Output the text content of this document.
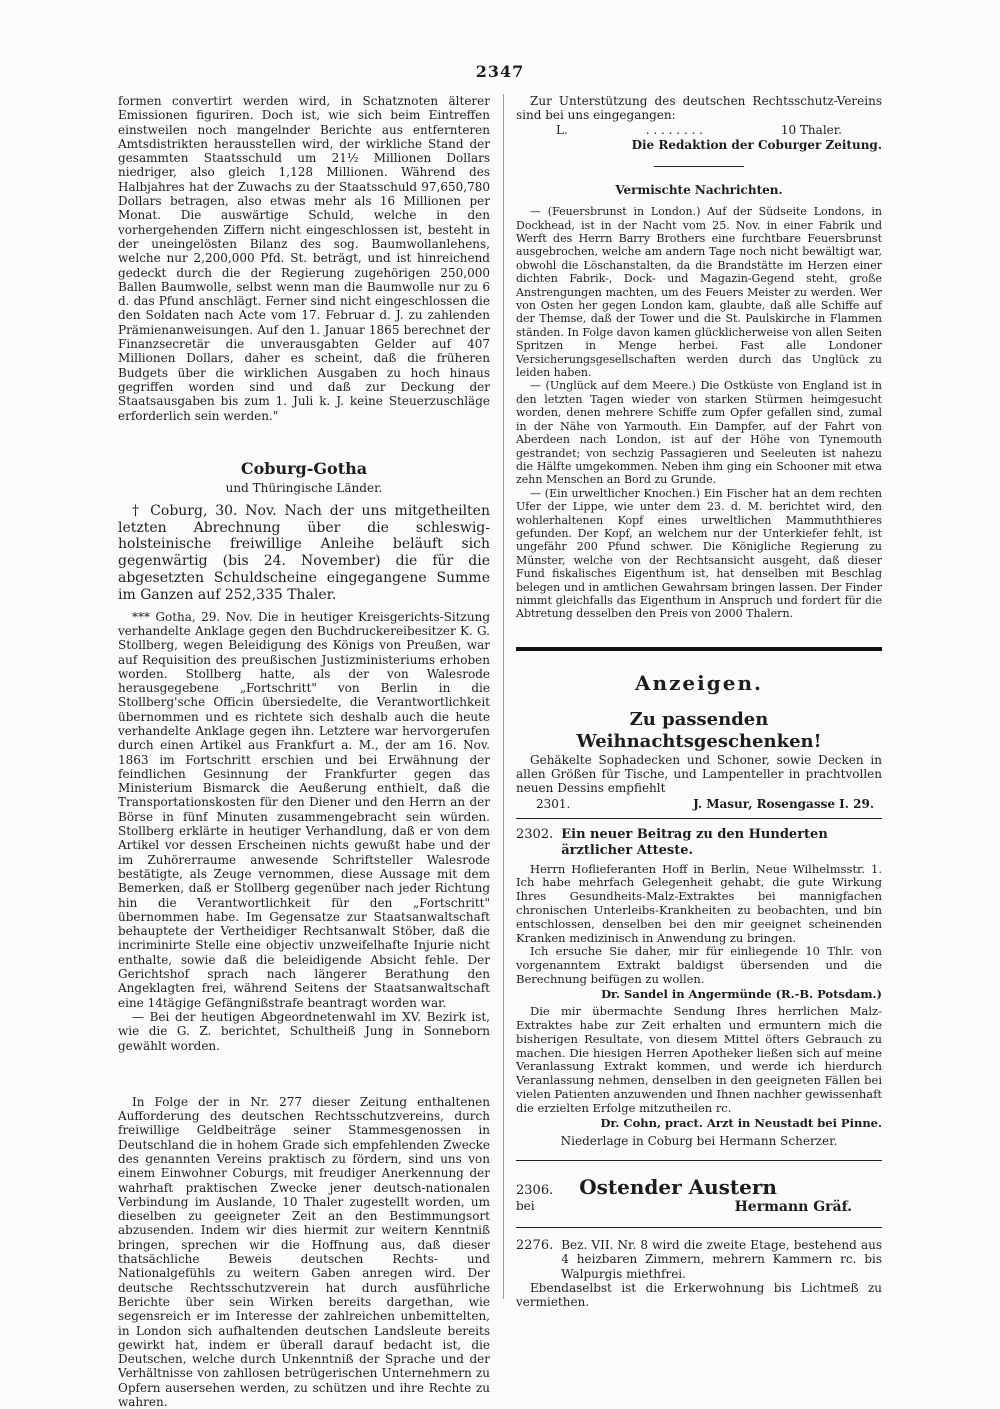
2347

formen convertirt werden wird, in Schatznoten älterer Emissionen figuriren. Doch ist, wie sich beim Eintreffen einstweilen noch mangelnder Berichte aus entfernteren Amtsdistrikten herausstellen wird, der wirkliche Stand der gesammten Staatsschuld um 21½ Millionen Dollars niedriger, also gleich 1,128 Millionen. Während des Halbjahres hat der Zuwachs zu der Staatsschuld 97,650,780 Dollars betragen, also etwas mehr als 16 Millionen per Monat. Die auswärtige Schuld, welche in den vorhergehenden Ziffern nicht eingeschlossen ist, besteht in der uneingelösten Bilanz des sog. Baumwollanlehens, welche nur 2,200,000 Pfd. St. beträgt, und ist hinreichend gedeckt durch die der Regierung zugehörigen 250,000 Ballen Baumwolle, selbst wenn man die Baumwolle nur zu 6 d. das Pfund anschlägt. Ferner sind nicht eingeschlossen die den Soldaten nach Acte vom 17. Februar d. J. zu zahlenden Prämienanweisungen. Auf den 1. Januar 1865 berechnet der Finanzsecretär die unverausgabten Gelder auf 407 Millionen Dollars, daher es scheint, daß die früheren Budgets über die wirklichen Ausgaben zu hoch hinaus gegriffen worden sind und daß zur Deckung der Staatsausgaben bis zum 1. Juli k. J. keine Steuerzuschläge erforderlich sein werden."

Coburg-Gotha
und Thüringische Länder.

† Coburg, 30. Nov. Nach der uns mitgetheilten letzten Abrechnung über die schleswig-holsteinische freiwillige Anleihe beläuft sich gegenwärtig (bis 24. November) die für die abgesetzten Schuldscheine eingegangene Summe im Ganzen auf 252,335 Thaler.

*** Gotha, 29. Nov. Die in heutiger Kreisgerichts-Sitzung verhandelte Anklage gegen den Buchdruckereibesitzer K. G. Stollberg, wegen Beleidigung des Königs von Preußen, war auf Requisition des preußischen Justizministeriums erhoben worden. Stollberg hatte, als der von Walesrode herausgegebene „Fortschritt" von Berlin in die Stollberg'sche Officin übersiedelte, die Verantwortlichkeit übernommen und es richtete sich deshalb auch die heute verhandelte Anklage gegen ihn. Letztere war hervorgerufen durch einen Artikel aus Frankfurt a. M., der am 16. Nov. 1863 im Fortschritt erschien und bei Erwähnung der feindlichen Gesinnung der Frankfurter gegen das Ministerium Bismarck die Aeußerung enthielt, daß die Transportationskosten für den Diener und den Herrn an der Börse in fünf Minuten zusammengebracht sein würden. Stollberg erklärte in heutiger Verhandlung, daß er von dem Artikel vor dessen Erscheinen nichts gewußt habe und der im Zuhörerraume anwesende Schriftsteller Walesrode bestätigte, als Zeuge vernommen, diese Aussage mit dem Bemerken, daß er Stollberg gegenüber nach jeder Richtung hin die Verantwortlichkeit für den „Fortschritt" übernommen habe. Im Gegensatze zur Staatsanwaltschaft behauptete der Vertheidiger Rechtsanwalt Stöber, daß die incriminirte Stelle eine objectiv unzweifelhafte Injurie nicht enthalte, sowie daß die beleidigende Absicht fehle. Der Gerichtshof sprach nach längerer Berathung den Angeklagten frei, während Seitens der Staatsanwaltschaft eine 14tägige Gefängnißstrafe beantragt worden war.

— Bei der heutigen Abgeordnetenwahl im XV. Bezirk ist, wie die G. Z. berichtet, Schultheiß Jung in Sonneborn gewählt worden.

In Folge der in Nr. 277 dieser Zeitung enthaltenen Aufforderung des deutschen Rechtsschutzvereins, durch freiwillige Geldbeiträge seiner Stammesgenossen in Deutschland die in hohem Grade sich empfehlenden Zwecke des genannten Vereins praktisch zu fördern, sind uns von einem Einwohner Coburgs, mit freudiger Anerkennung der wahrhaft praktischen Zwecke jener deutsch-nationalen Verbindung im Auslande, 10 Thaler zugestellt worden, um dieselben zu geeigneter Zeit an den Bestimmungsort abzusenden. Indem wir dies hiermit zur weitern Kenntniß bringen, sprechen wir die Hoffnung aus, daß dieser thatsächliche Beweis deutschen Rechts- und Nationalgefühls zu weitern Gaben anregen wird. Der deutsche Rechtsschutzverein hat durch ausführliche Berichte über sein Wirken bereits dargethan, wie segensreich er im Interesse der zahlreichen unbemittelten, in London sich aufhaltenden deutschen Landsleute bereits gewirkt hat, indem er überall darauf bedacht ist, die Deutschen, welche durch Unkenntniß der Sprache und der Verhältnisse von zahllosen betrügerischen Unternehmern zu Opfern ausersehen werden, zu schützen und ihre Rechte zu wahren.

Zur Unterstützung des deutschen Rechtsschutz-Vereins sind bei uns eingegangen:

L.	. . . . . . . .	10 Thaler.

Die Redaktion der Coburger Zeitung.

Vermischte Nachrichten.

— (Feuersbrunst in London.) Auf der Südseite Londons, in Dockhead, ist in der Nacht vom 25. Nov. in einer Fabrik und Werft des Herrn Barry Brothers eine furchtbare Feuersbrunst ausgebrochen, welche am andern Tage noch nicht bewältigt war, obwohl die Löschanstalten, da die Brandstätte im Herzen einer dichten Fabrik-, Dock- und Magazin-Gegend steht, große Anstrengungen machten, um des Feuers Meister zu werden. Wer von Osten her gegen London kam, glaubte, daß alle Schiffe auf der Themse, daß der Tower und die St. Paulskirche in Flammen ständen. In Folge davon kamen glücklicherweise von allen Seiten Spritzen in Menge herbei. Fast alle Londoner Versicherungsgesellschaften werden durch das Unglück zu leiden haben.

— (Unglück auf dem Meere.) Die Ostküste von England ist in den letzten Tagen wieder von starken Stürmen heimgesucht worden, denen mehrere Schiffe zum Opfer gefallen sind, zumal in der Nähe von Yarmouth. Ein Dampfer, auf der Fahrt von Aberdeen nach London, ist auf der Höhe von Tynemouth gestrandet; von sechzig Passagieren und Seeleuten ist nahezu die Hälfte umgekommen. Neben ihm ging ein Schooner mit etwa zehn Menschen an Bord zu Grunde.

— (Ein urweltlicher Knochen.) Ein Fischer hat an dem rechten Ufer der Lippe, wie unter dem 23. d. M. berichtet wird, den wohlerhaltenen Kopf eines urweltlichen Mammuththieres gefunden. Der Kopf, an welchem nur der Unterkiefer fehlt, ist ungefähr 200 Pfund schwer. Die Königliche Regierung zu Münster, welche von der Rechtsansicht ausgeht, daß dieser Fund fiskalisches Eigenthum ist, hat denselben mit Beschlag belegen und in amtlichen Gewahrsam bringen lassen. Der Finder nimmt gleichfalls das Eigenthum in Anspruch und fordert für die Abtretung desselben den Preis von 2000 Thalern.

Anzeigen.
Zu passenden Weihnachtsgeschenken!

Gehäkelte Sophadecken und Schoner, sowie Decken in allen Größen für Tische, und Lampenteller in prachtvollen neuen Dessins empfiehlt

2301.	J. Masur, Rosengasse I. 29.
2302. Ein neuer Beitrag zu den Hunderten ärztlicher Atteste.

Herrn Hoflieferanten Hoff in Berlin, Neue Wilhelmsstr. 1. Ich habe mehrfach Gelegenheit gehabt, die gute Wirkung Ihres Gesundheits-Malz-Extraktes bei mannigfachen chronischen Unterleibs-Krankheiten zu beobachten, und bin entschlossen, denselben bei den mir geeignet scheinenden Kranken medizinisch in Anwendung zu bringen.

Ich ersuche Sie daher, mir für einliegende 10 Thlr. von vorgenanntem Extrakt baldigst übersenden und die Berechnung beifügen zu wollen.

Dr. Sandel in Angermünde (R.-B. Potsdam.)

Die mir übermachte Sendung Ihres herrlichen Malz-Extraktes habe zur Zeit erhalten und ermuntern mich die bisherigen Resultate, von diesem Mittel öfters Gebrauch zu machen. Die hiesigen Herren Apotheker ließen sich auf meine Veranlassung Extrakt kommen, und werde ich hierdurch Veranlassung nehmen, denselben in den geeigneten Fällen bei vielen Patienten anzuwenden und Ihnen nachher gewissenhaft die erzielten Erfolge mitzutheilen rc.

Dr. Cohn, pract. Arzt in Neustadt bei Pinne.

Niederlage in Coburg bei Hermann Scherzer.

2306. Ostender Austern
bei	Hermann Gräf.
2276. Bez. VII. Nr. 8 wird die zweite Etage, bestehend aus 4 heizbaren Zimmern, mehrern Kammern rc. bis Walpurgis miethfrei.

Ebendaselbst ist die Erkerwohnung bis Lichtmeß zu vermiethen.
